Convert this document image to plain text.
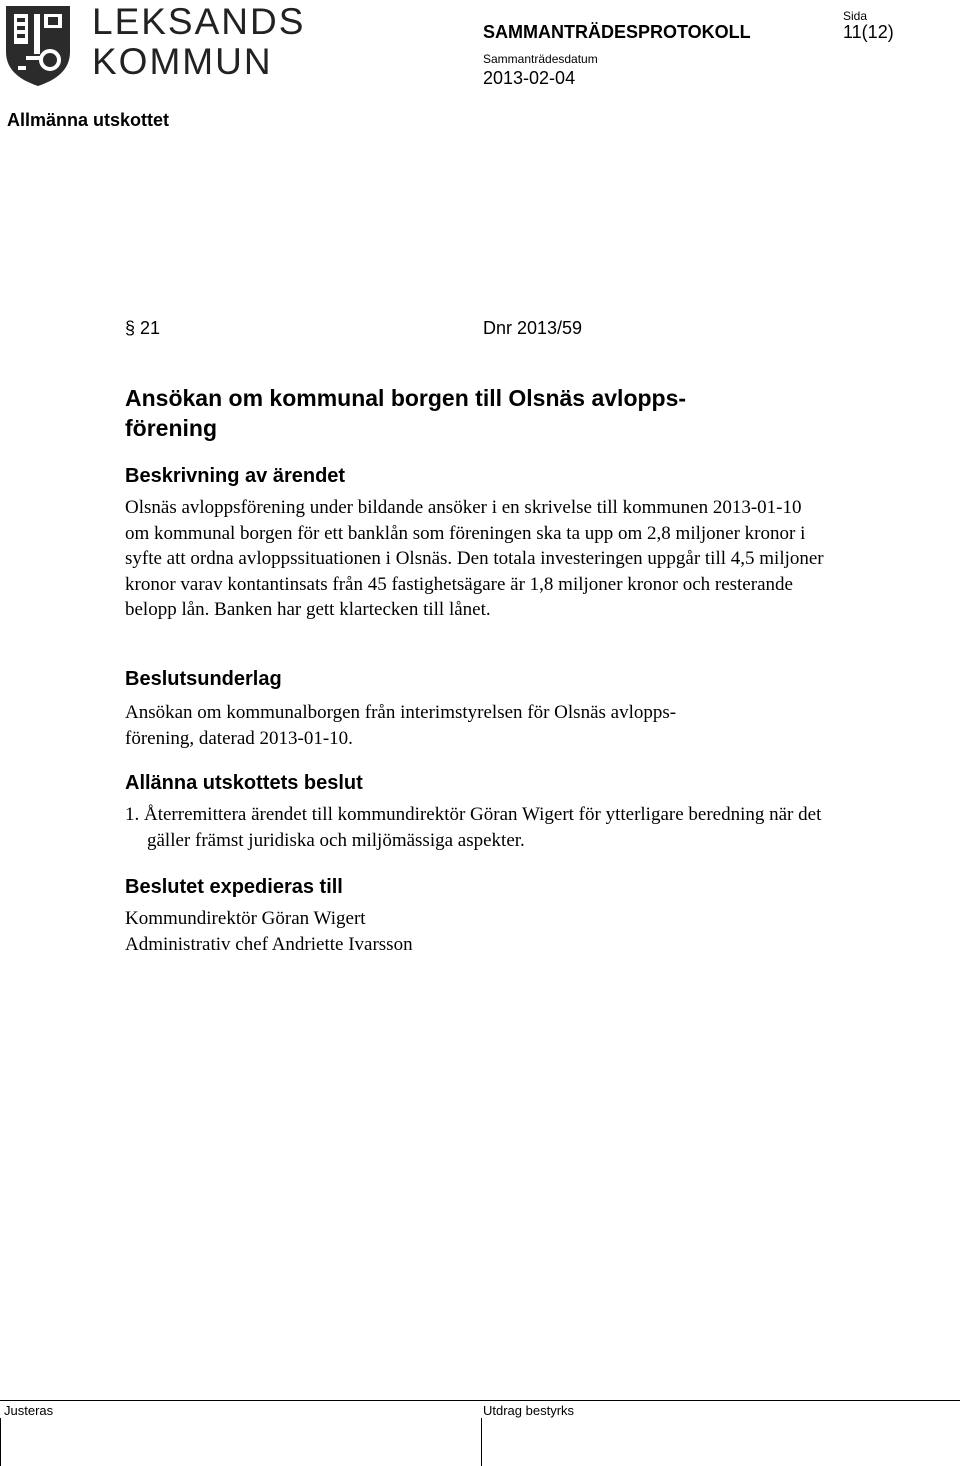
LEKSANDS
KOMMUN
SAMMANTRÄDESPROTOKOLL
Sammanträdesdatum
2013-02-04
Sida
11(12)
Allmänna utskottet
§ 21	Dnr 2013/59
Ansökan om kommunal borgen till Olsnäs avlopps-
förening
Beskrivning av ärendet
Olsnäs avloppsförening under bildande ansöker i en skrivelse till kommunen 2013-01-10 om kommunal borgen för ett banklån som föreningen ska ta upp om 2,8 miljoner kronor i syfte att ordna avloppssituationen i Olsnäs. Den totala investeringen uppgår till 4,5 miljoner kronor varav kontantinsats från 45 fastighetsägare är 1,8 miljoner kronor och resterande belopp lån. Banken har gett klartecken till lånet.
Beslutsunderlag
Ansökan om kommunalborgen från interimstyrelsen för Olsnäs avlopps-
förening, daterad 2013-01-10.
Allänna utskottets beslut
1. Återremittera ärendet till kommundirektör Göran Wigert för ytterligare beredning när det gäller främst juridiska och miljömässiga aspekter.
Beslutet expedieras till
Kommundirektör Göran Wigert
Administrativ chef Andriette Ivarsson
Justeras	Utdrag bestyrks
